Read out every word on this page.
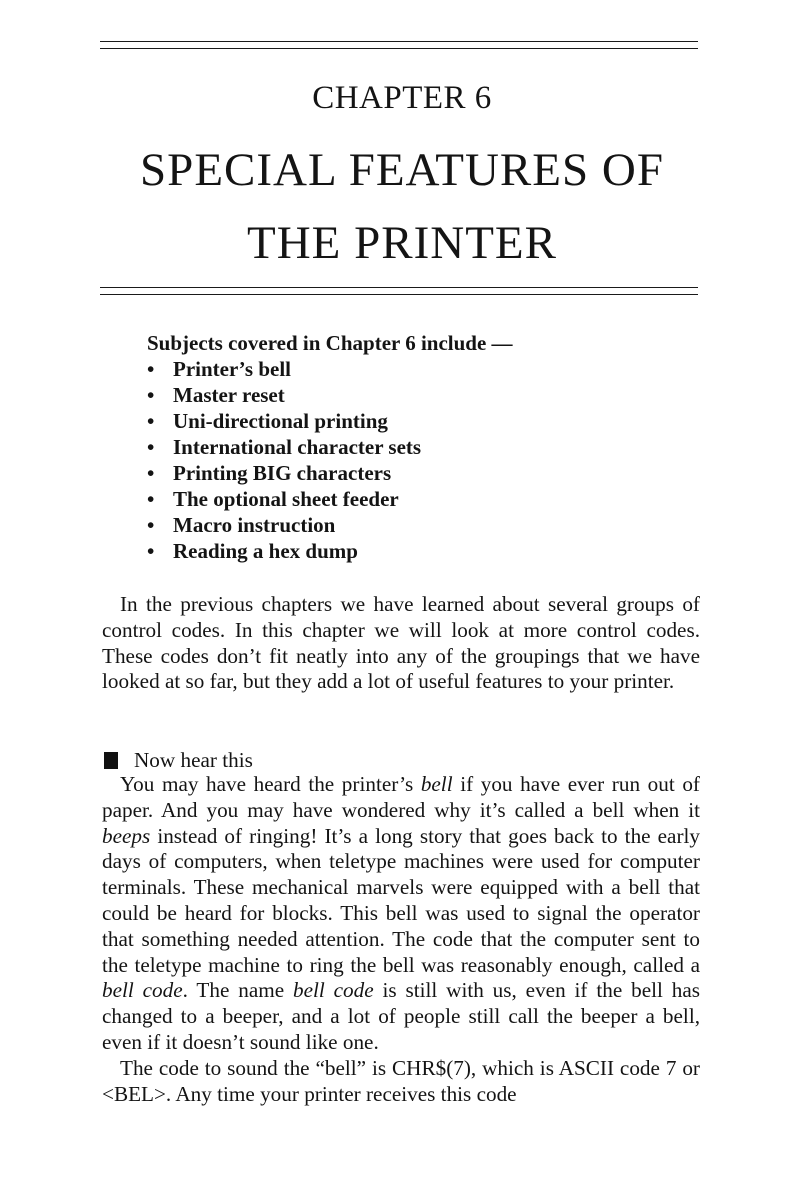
CHAPTER 6
SPECIAL FEATURES OF
THE PRINTER

Subjects covered in Chapter 6 include —

• Printer’s bell
• Master reset
• Uni-directional printing
• International character sets
• Printing BIG characters
• The optional sheet feeder
• Macro instruction
• Reading a hex dump

In the previous chapters we have learned about several groups of control codes. In this chapter we will look at more control codes. These codes don’t fit neatly into any of the groupings that we have looked at so far, but they add a lot of useful features to your printer.

Now hear this

You may have heard the printer’s bell if you have ever run out of paper. And you may have wondered why it’s called a bell when it beeps instead of ringing! It’s a long story that goes back to the early days of computers, when teletype machines were used for computer terminals. These mechanical marvels were equipped with a bell that could be heard for blocks. This bell was used to signal the operator that something needed attention. The code that the computer sent to the teletype machine to ring the bell was reasonably enough, called a bell code. The name bell code is still with us, even if the bell has changed to a beeper, and a lot of people still call the beeper a bell, even if it doesn’t sound like one.

The code to sound the “bell” is CHR$(7), which is ASCII code 7 or <BEL>. Any time your printer receives this code
